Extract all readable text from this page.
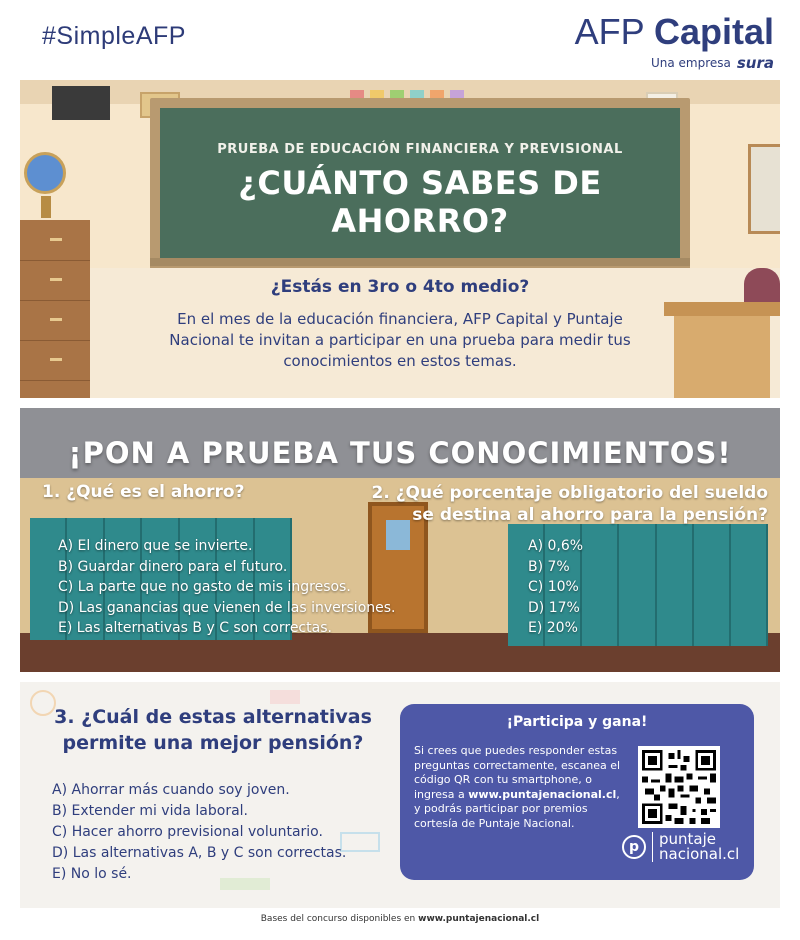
#SimpleAFP	AFP Capital
Una empresa sura
PRUEBA DE EDUCACIÓN FINANCIERA Y PREVISIONAL
¿CUÁNTO SABES DE AHORRO?
¿Estás en 3ro o 4to medio?
En el mes de la educación financiera, AFP Capital y Puntaje Nacional te invitan a participar en una prueba para medir tus conocimientos en estos temas.
¡PON A PRUEBA TUS CONOCIMIENTOS!
1. ¿Qué es el ahorro?	2. ¿Qué porcentaje obligatorio del sueldo se destina al ahorro para la pensión?
A) El dinero que se invierte.
B) Guardar dinero para el futuro.
C) La parte que no gasto de mis ingresos.
D) Las ganancias que vienen de las inversiones.
E) Las alternativas B y C son correctas.
A) 0,6%
B) 7%
C) 10%
D) 17%
E) 20%
3. ¿Cuál de estas alternativas permite una mejor pensión?
A) Ahorrar más cuando soy joven.
B) Extender mi vida laboral.
C) Hacer ahorro previsional voluntario.
D) Las alternativas A, B y C son correctas.
E) No lo sé.
¡Participa y gana!
Si crees que puedes responder estas preguntas correctamente, escanea el código QR con tu smartphone, o ingresa a www.puntajenacional.cl, y podrás participar por premios cortesía de Puntaje Nacional.
p	puntaje
nacional.cl
Bases del concurso disponibles en www.puntajenacional.cl
